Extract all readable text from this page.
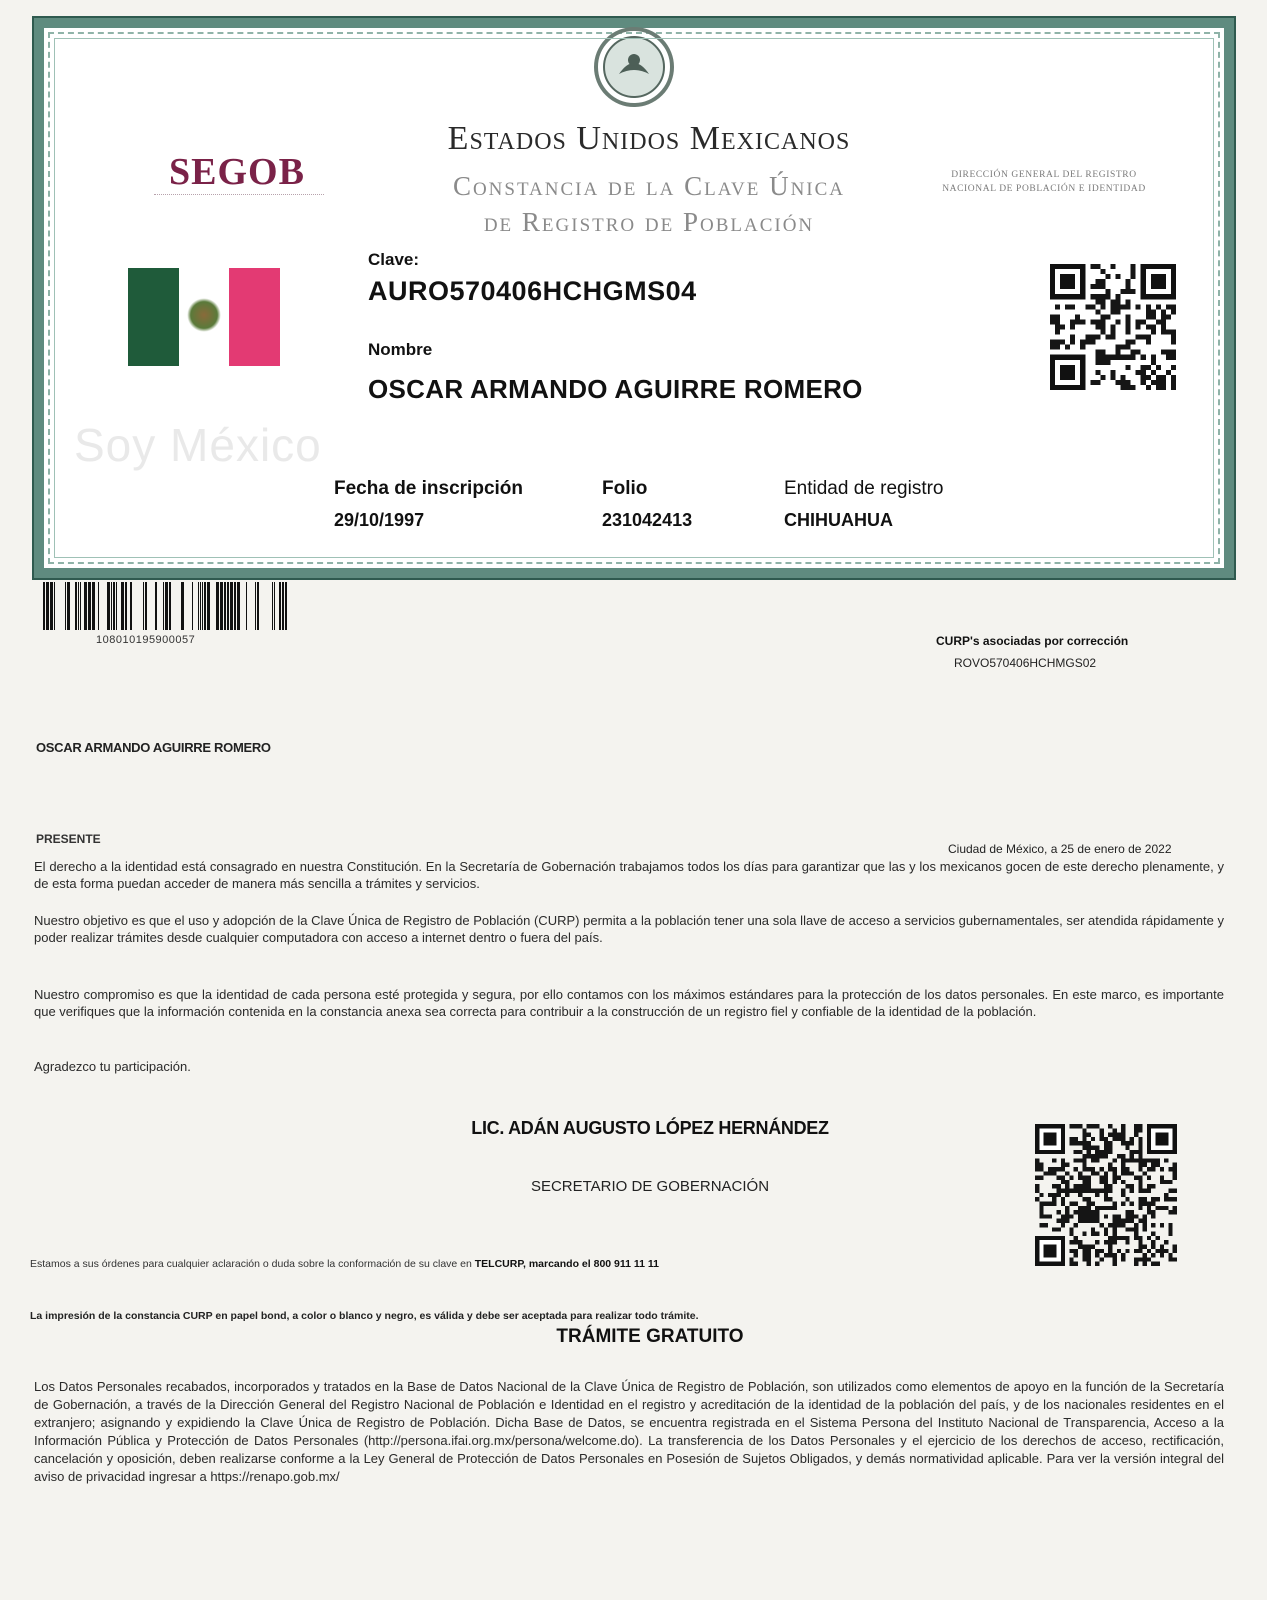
SEGOB
Estados Unidos Mexicanos
Constancia de la Clave Única
de Registro de Población
DIRECCIÓN GENERAL DEL REGISTRO NACIONAL DE POBLACIÓN E IDENTIDAD
Soy México
Clave:
AURO570406HCHGMS04
Nombre
OSCAR ARMANDO AGUIRRE ROMERO
Fecha de inscripción
29/10/1997
Folio
231042413
Entidad de registro
CHIHUAHUA
108010195900057	CURP's asociadas por corrección
ROVO570406HCHMGS02
OSCAR ARMANDO AGUIRRE ROMERO
PRESENTE
Ciudad de México, a 25 de enero de 2022
El derecho a la identidad está consagrado en nuestra Constitución. En la Secretaría de Gobernación trabajamos todos los días para garantizar que las y los mexicanos gocen de este derecho plenamente, y de esta forma puedan acceder de manera más sencilla a trámites y servicios.
Nuestro objetivo es que el uso y adopción de la Clave Única de Registro de Población (CURP) permita a la población tener una sola llave de acceso a servicios gubernamentales, ser atendida rápidamente y poder realizar trámites desde cualquier computadora con acceso a internet dentro o fuera del país.
Nuestro compromiso es que la identidad de cada persona esté protegida y segura, por ello contamos con los máximos estándares para la protección de los datos personales. En este marco, es importante que verifiques que la información contenida en la constancia anexa sea correcta para contribuir a la construcción de un registro fiel y confiable de la identidad de la población.
Agradezco tu participación.
LIC. ADÁN AUGUSTO LÓPEZ HERNÁNDEZ
SECRETARIO DE GOBERNACIÓN
Estamos a sus órdenes para cualquier aclaración o duda sobre la conformación de su clave en TELCURP, marcando el 800 911 11 11
La impresión de la constancia CURP en papel bond, a color o blanco y negro, es válida y debe ser aceptada para realizar todo trámite.
TRÁMITE GRATUITO
Los Datos Personales recabados, incorporados y tratados en la Base de Datos Nacional de la Clave Única de Registro de Población, son utilizados como elementos de apoyo en la función de la Secretaría de Gobernación, a través de la Dirección General del Registro Nacional de Población e Identidad en el registro y acreditación de la identidad de la población del país, y de los nacionales residentes en el extranjero; asignando y expidiendo la Clave Única de Registro de Población. Dicha Base de Datos, se encuentra registrada en el Sistema Persona del Instituto Nacional de Transparencia, Acceso a la Información Pública y Protección de Datos Personales (http://persona.ifai.org.mx/persona/welcome.do). La transferencia de los Datos Personales y el ejercicio de los derechos de acceso, rectificación, cancelación y oposición, deben realizarse conforme a la Ley General de Protección de Datos Personales en Posesión de Sujetos Obligados, y demás normatividad aplicable. Para ver la versión integral del aviso de privacidad ingresar a https://renapo.gob.mx/
